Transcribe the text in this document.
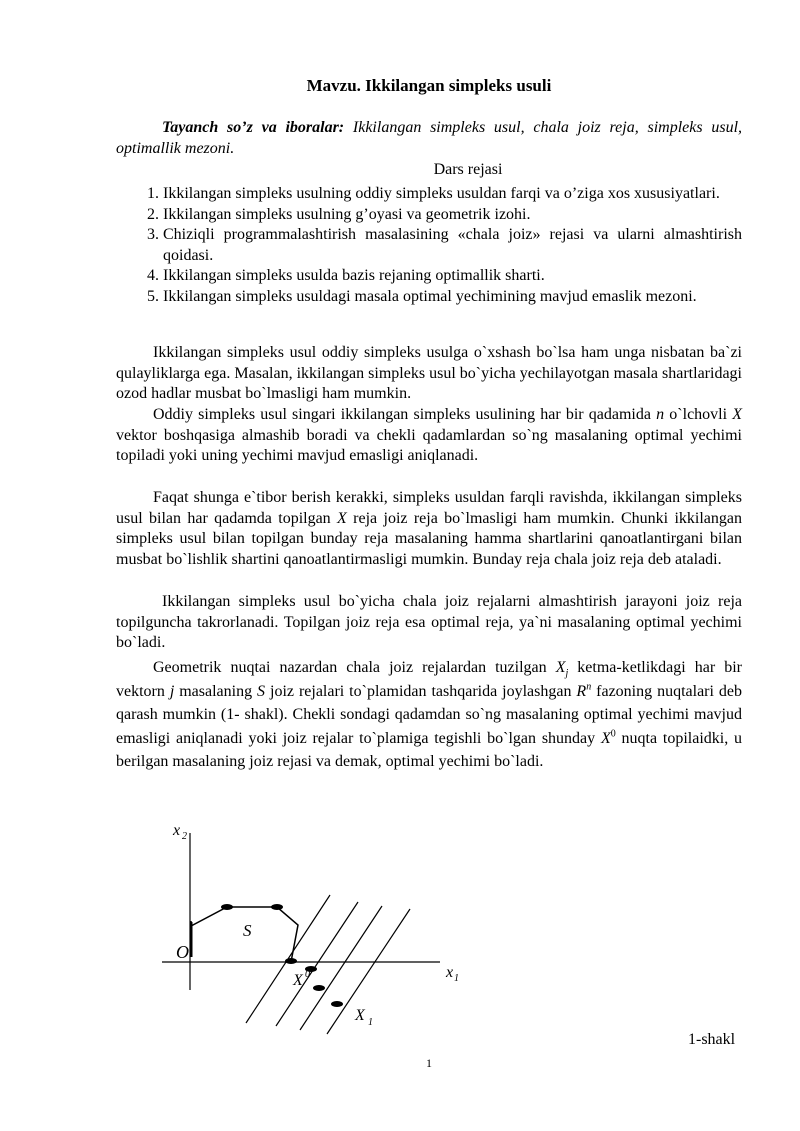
Mavzu. Ikkilangan simpleks usuli
Tayanch so’z va iboralar: Ikkilangan simpleks usul, chala joiz reja, simpleks usul, optimallik mezoni.
Dars rejasi
1. Ikkilangan simpleks usulning oddiy simpleks usuldan farqi va o’ziga xos xususiyatlari.
2. Ikkilangan simpleks usulning g’oyasi va geometrik izohi.
3. Chiziqli programmalashtirish masalasining «chala joiz» rejasi va ularni almashtirish qoidasi.
4. Ikkilangan simpleks usulda bazis rejaning optimallik sharti.
5. Ikkilangan simpleks usuldagi masala optimal yechimining mavjud emaslik mezoni.
Ikkilangan simpleks usul oddiy simpleks usulga o`xshash bo`lsa ham unga nisbatan ba`zi qulayliklarga ega. Masalan, ikkilangan simpleks usul bo`yicha yechilayotgan masala shartlaridagi ozod hadlar musbat bo`lmasligi ham mumkin.
Oddiy simpleks usul singari ikkilangan simpleks usulining har bir qadamida n o`lchovli X vektor boshqasiga almashib boradi va chekli qadamlardan so`ng masalaning optimal yechimi topiladi yoki uning yechimi mavjud emasligi aniqlanadi.
Faqat shunga e`tibor berish kerakki, simpleks usuldan farqli ravishda, ikkilangan simpleks usul bilan har qadamda topilgan X reja joiz reja bo`lmasligi ham mumkin. Chunki ikkilangan simpleks usul bilan topilgan bunday reja masalaning hamma shartlarini qanoatlantirgani bilan musbat bo`lishlik shartini qanoatlantirmasligi mumkin. Bunday reja chala joiz reja deb ataladi.
Ikkilangan simpleks usul bo`yicha chala joiz rejalarni almashtirish jarayoni joiz reja topilguncha takrorlanadi. Topilgan joiz reja esa optimal reja, ya`ni masalaning optimal yechimi bo`ladi.
Geometrik nuqtai nazardan chala joiz rejalardan tuzilgan $X_j$ ketma-ketlikdagi har bir vektorn j masalaning S joiz rejalari to`plamidan tashqarida joylashgan $R^n$ fazoning nuqtalari deb qarash mumkin (1- shakl). Chekli sondagi qadamdan so`ng masalaning optimal yechimi mavjud emasligi aniqlanadi yoki joiz rejalar to`plamiga tegishli bo`lgan shunday $X^0$ nuqta topilaidki, u berilgan masalaning joiz rejasi va demak, optimal yechimi bo`ladi.
x 2
x 1
O
S
X 0
X 1
1-shakl
1
